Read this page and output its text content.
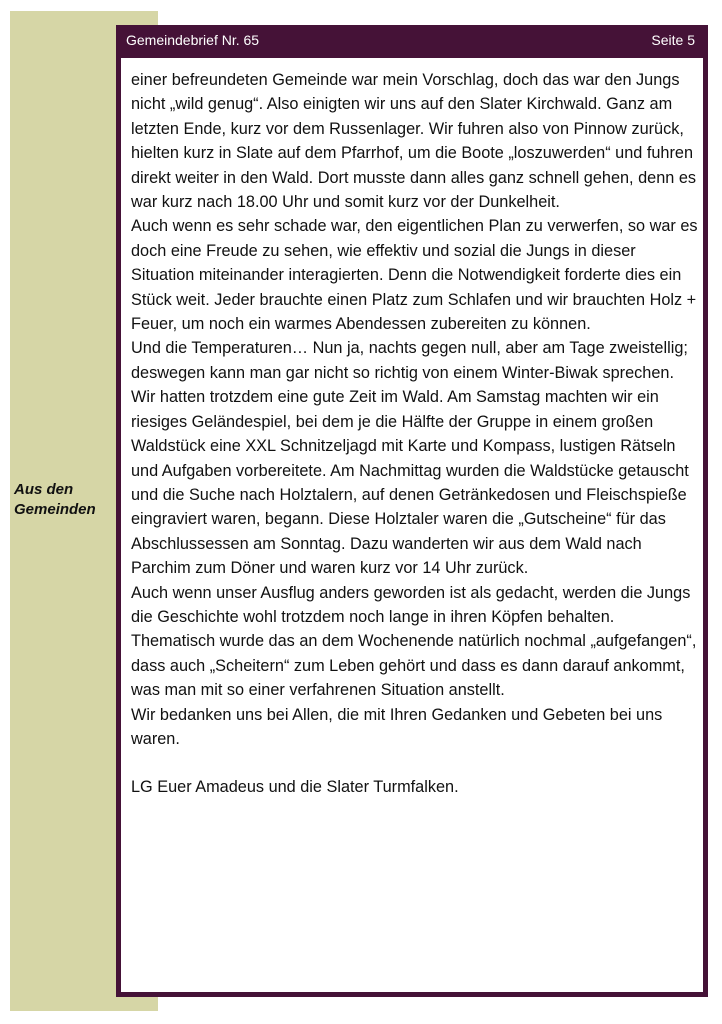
Aus den
Gemeinden
Gemeindebrief Nr. 65	Seite 5

einer befreundeten Gemeinde war mein Vorschlag, doch das war den Jungs nicht „wild genug“. Also einigten wir uns auf den Slater Kirchwald. Ganz am letzten Ende, kurz vor dem Russenlager. Wir fuhren also von Pinnow zurück, hielten kurz in Slate auf dem Pfarrhof, um die Boote „loszuwerden“ und fuhren direkt weiter in den Wald. Dort musste dann alles ganz schnell gehen, denn es war kurz nach 18.00 Uhr und somit kurz vor der Dunkelheit.

Auch wenn es sehr schade war, den eigentlichen Plan zu verwerfen, so war es doch eine Freude zu sehen, wie effektiv und sozial die Jungs in dieser Situation miteinander interagierten. Denn die Notwendigkeit forderte dies ein Stück weit. Jeder brauchte einen Platz zum Schlafen und wir brauchten Holz + Feuer, um noch ein warmes Abendessen zubereiten zu können.

Und die Temperaturen… Nun ja, nachts gegen null, aber am Tage zweistellig; deswegen kann man gar nicht so richtig von einem Winter-Biwak sprechen. Wir hatten trotzdem eine gute Zeit im Wald. Am Samstag machten wir ein riesiges Geländespiel, bei dem je die Hälfte der Gruppe in einem großen Waldstück eine XXL Schnitzeljagd mit Karte und Kompass, lustigen Rätseln und Aufgaben vorbereitete. Am Nachmittag wurden die Waldstücke getauscht und die Suche nach Holztalern, auf denen Getränkedosen und Fleischspieße eingraviert waren, begann. Diese Holztaler waren die „Gutscheine“ für das Abschlussessen am Sonntag. Dazu wanderten wir aus dem Wald nach Parchim zum Döner und waren kurz vor 14 Uhr zurück.

Auch wenn unser Ausflug anders geworden ist als gedacht, werden die Jungs die Geschichte wohl trotzdem noch lange in ihren Köpfen behalten. Thematisch wurde das an dem Wochenende natürlich nochmal „aufgefangen“, dass auch „Scheitern“ zum Leben gehört und dass es dann darauf ankommt, was man mit so einer verfahrenen Situation anstellt.

Wir bedanken uns bei Allen, die mit Ihren Gedanken und Gebeten bei uns waren.

LG Euer Amadeus und die Slater Turmfalken.
